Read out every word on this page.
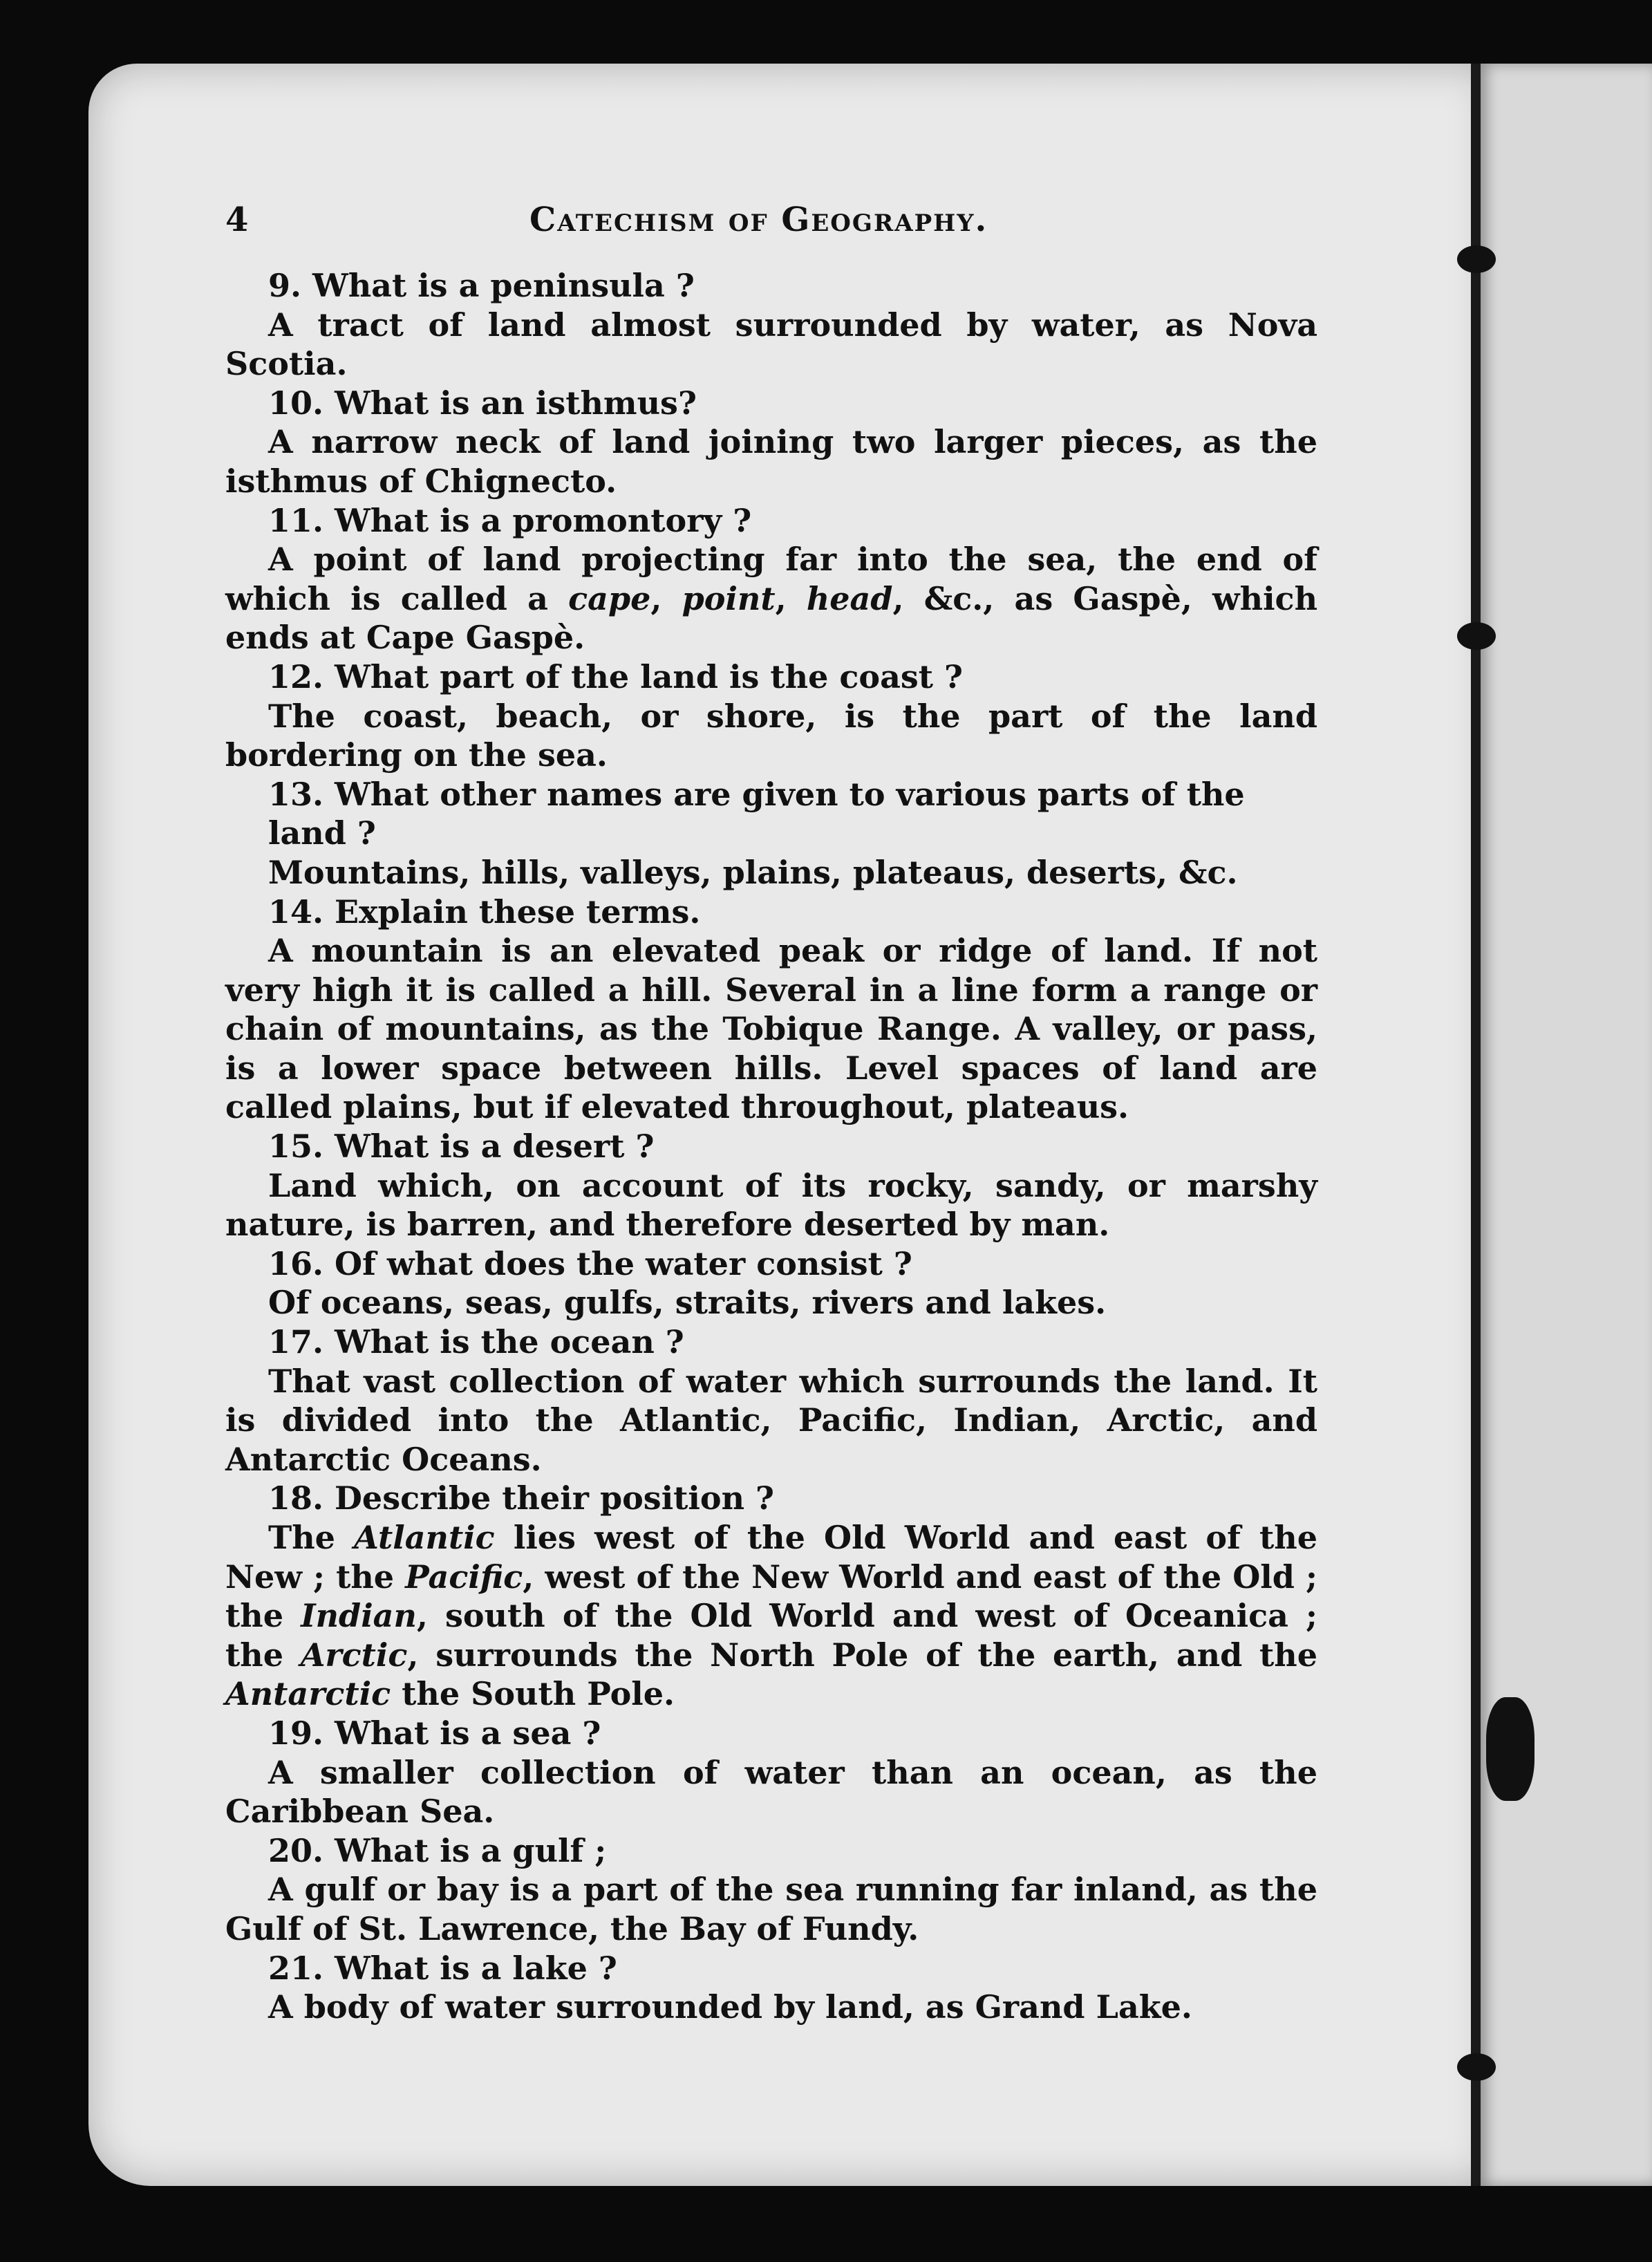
4	Catechism of Geography.
9. What is a peninsula ?
A tract of land almost surrounded by water, as Nova Scotia.
10. What is an isthmus?
A narrow neck of land joining two larger pieces, as the isthmus of Chignecto.
11. What is a promontory ?
A point of land projecting far into the sea, the end of which is called a cape, point, head, &c., as Gaspè, which ends at Cape Gaspè.
12. What part of the land is the coast ?
The coast, beach, or shore, is the part of the land bordering on the sea.
13. What other names are given to various parts of the land ?
Mountains, hills, valleys, plains, plateaus, deserts, &c.
14. Explain these terms.
A mountain is an elevated peak or ridge of land. If not very high it is called a hill. Several in a line form a range or chain of mountains, as the Tobique Range. A valley, or pass, is a lower space between hills. Level spaces of land are called plains, but if elevated throughout, plateaus.
15. What is a desert ?
Land which, on account of its rocky, sandy, or marshy nature, is barren, and therefore deserted by man.
16. Of what does the water consist ?
Of oceans, seas, gulfs, straits, rivers and lakes.
17. What is the ocean ?
That vast collection of water which surrounds the land. It is divided into the Atlantic, Pacific, Indian, Arctic, and Antarctic Oceans.
18. Describe their position ?
The Atlantic lies west of the Old World and east of the New ; the Pacific, west of the New World and east of the Old ; the Indian, south of the Old World and west of Oceanica ; the Arctic, surrounds the North Pole of the earth, and the Antarctic the South Pole.
19. What is a sea ?
A smaller collection of water than an ocean, as the Caribbean Sea.
20. What is a gulf ;
A gulf or bay is a part of the sea running far inland, as the Gulf of St. Lawrence, the Bay of Fundy.
21. What is a lake ?
A body of water surrounded by land, as Grand Lake.
